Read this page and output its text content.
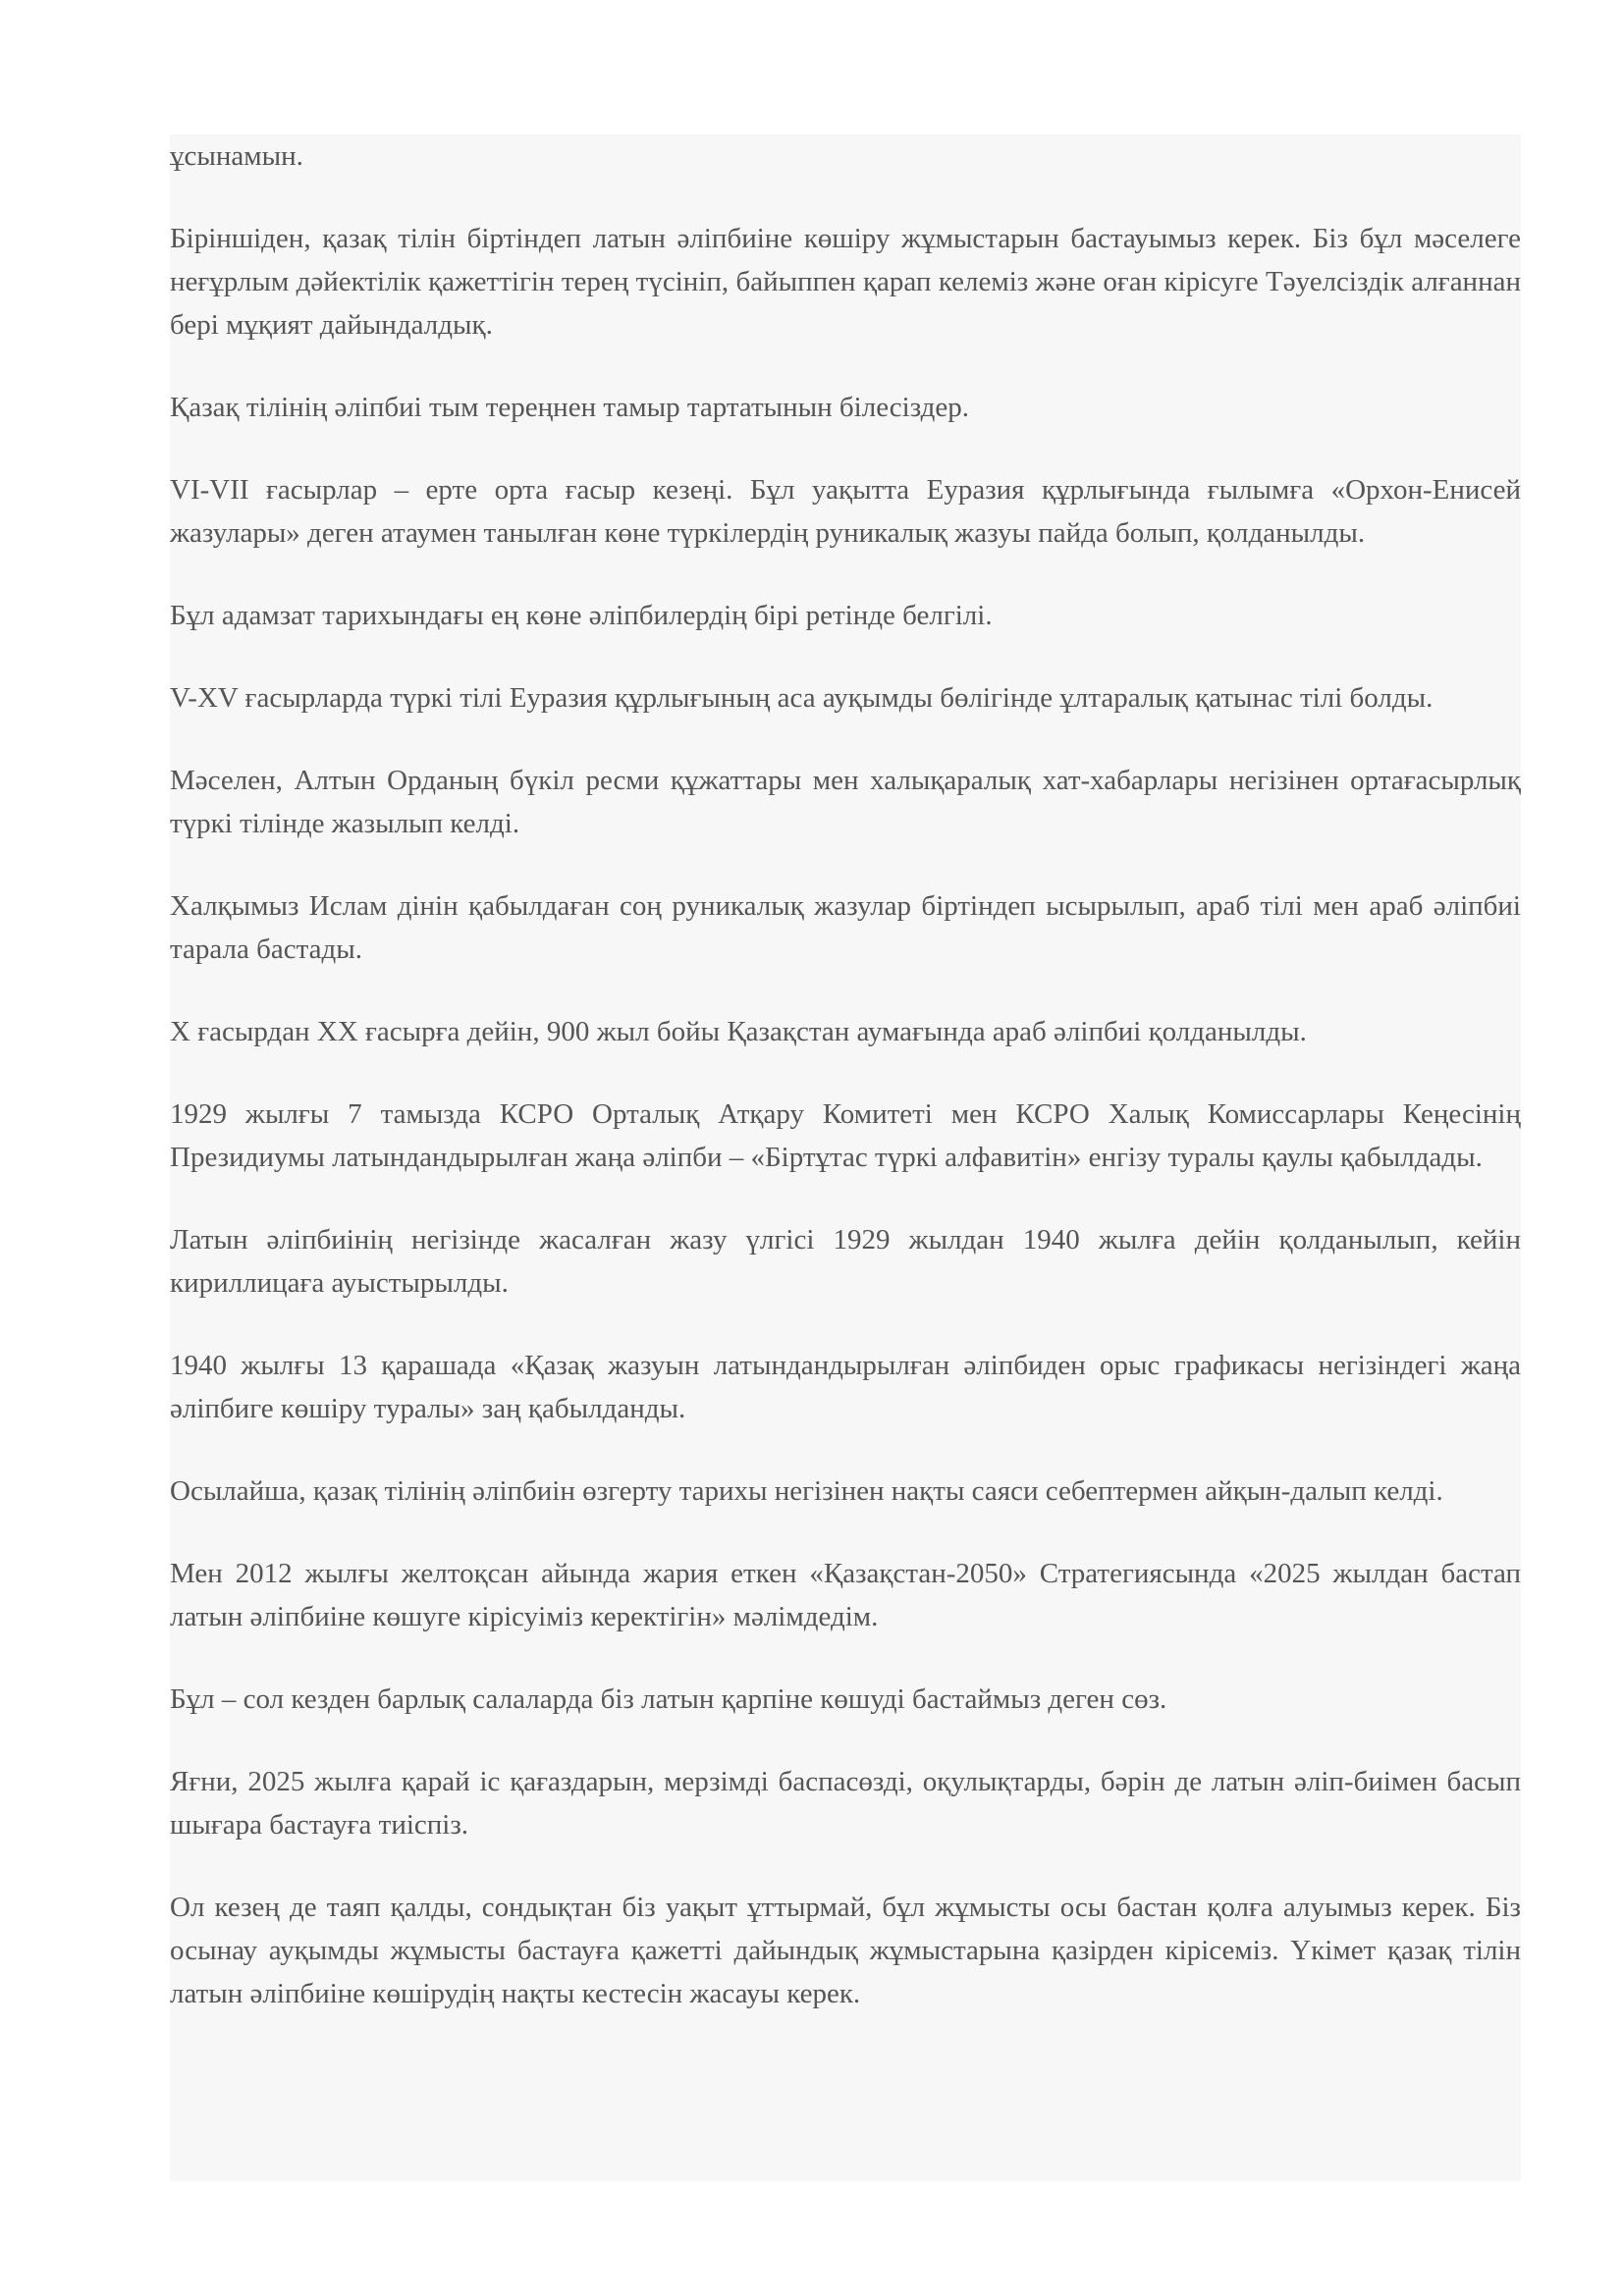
ұсынамын.

Біріншіден, қазақ тілін біртіндеп латын әліпбиіне көшіру жұмыстарын бастауымыз керек. Біз бұл мәселеге неғұрлым дәйектілік қажеттігін терең түсініп, байыппен қарап келеміз және оған кірісуге Тәуелсіздік алғаннан бері мұқият дайындалдық.

Қазақ тілінің әліпбиі тым тереңнен тамыр тартатынын білесіздер.

VI-VII ғасырлар – ерте орта ғасыр кезеңі. Бұл уақытта Еуразия құрлығында ғылымға «Орхон-Енисей жазулары» деген атаумен танылған көне түркілердің руникалық жазуы пайда болып, қолданылды.

Бұл адамзат тарихындағы ең көне әліпбилердің бірі ретінде белгілі.

V-XV ғасырларда түркі тілі Еуразия құрлығының аса ауқымды бөлігінде ұлтаралық қатынас тілі болды.

Мәселен, Алтын Орданың бүкіл ресми құжаттары мен халықаралық хат-хабарлары негізінен ортағасырлық түркі тілінде жазылып келді.

Халқымыз Ислам дінін қабылдаған соң руникалық жазулар біртіндеп ысырылып, араб тілі мен араб әліпбиі тарала бастады.

X ғасырдан XX ғасырға дейін, 900 жыл бойы Қазақстан аумағында араб әліпбиі қолданылды.

1929 жылғы 7 тамызда КСРО Орталық Атқару Комитеті мен КСРО Халық Комиссарлары Кеңесінің Президиумы латындандырылған жаңа әліпби – «Біртұтас түркі алфавитін» енгізу туралы қаулы қабылдады.

Латын әліпбиінің негізінде жасалған жазу үлгісі 1929 жылдан 1940 жылға дейін қолданылып, кейін кириллицаға ауыстырылды.

1940 жылғы 13 қарашада «Қазақ жазуын латындандырылған әліпбиден орыс графикасы негізіндегі жаңа әліпбиге көшіру туралы» заң қабылданды.

Осылайша, қазақ тілінің әліпбиін өзгерту тарихы негізінен нақты саяси себептермен айқын-далып келді.

Мен 2012 жылғы желтоқсан айында жария еткен «Қазақстан-2050» Стратегиясында «2025 жылдан бастап латын әліпбиіне көшуге кірісуіміз керектігін» мәлімдедім.

Бұл – сол кезден барлық салаларда біз латын қарпіне көшуді бастаймыз деген сөз.

Яғни, 2025 жылға қарай іс қағаздарын, мерзімді баспасөзді, оқулықтарды, бәрін де латын әліп-биімен басып шығара бастауға тиіспіз.

Ол кезең де таяп қалды, сондықтан біз уақыт ұттырмай, бұл жұмысты осы бастан қолға алуымыз керек. Біз осынау ауқымды жұмысты бастауға қажетті дайындық жұмыстарына қазірден кірісеміз. Үкімет қазақ тілін латын әліпбиіне көшірудің нақты кестесін жасауы керек.
